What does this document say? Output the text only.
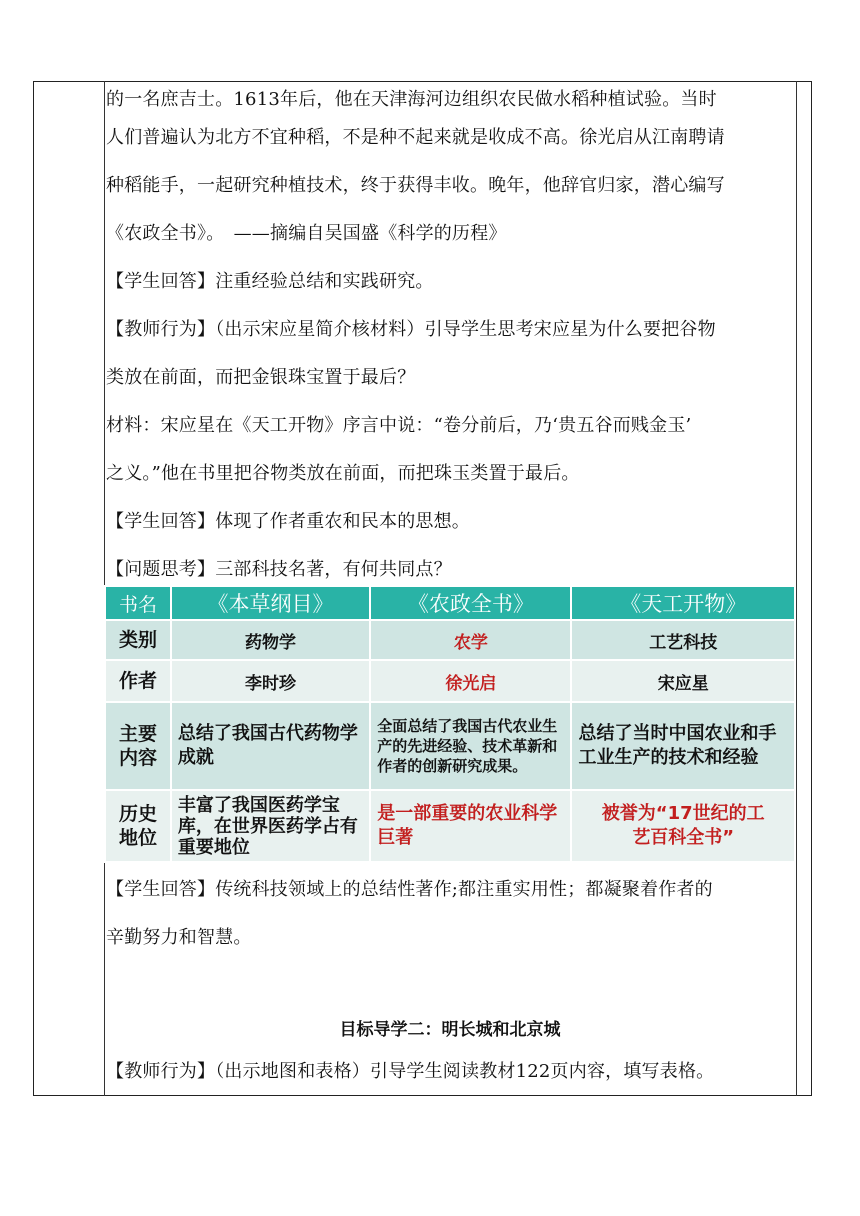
的一名庶吉士。1613年后，他在天津海河边组织农民做水稻种植试验。当时

人们普遍认为北方不宜种稻，不是种不起来就是收成不高。徐光启从江南聘请

种稻能手，一起研究种植技术，终于获得丰收。晚年，他辞官归家，潜心编写

《农政全书》。　——摘编自吴国盛《科学的历程》

【学生回答】注重经验总结和实践研究。

【教师行为】（出示宋应星简介核材料）引导学生思考宋应星为什么要把谷物

类放在前面，而把金银珠宝置于最后？

材料：宋应星在《天工开物》序言中说：“卷分前后，乃‘贵五谷而贱金玉’

之义。”他在书里把谷物类放在前面，而把珠玉类置于最后。

【学生回答】体现了作者重农和民本的思想。

【问题思考】三部科技名著，有何共同点？

书名	《本草纲目》	《农政全书》	《天工开物》
类别	药物学	农学	工艺科技
作者	李时珍	徐光启	宋应星

主要内容	总结了我国古代药物学成就	全面总结了我国古代农业生产的先进经验、技术革新和作者的创新研究成果。	总结了当时中国农业和手工业生产的技术和经验

历史地位	丰富了我国医药学宝库，在世界医药学占有重要地位	是一部重要的农业科学巨著	被誉为“17世纪的工艺百科全书”

【学生回答】传统科技领域上的总结性著作;都注重实用性；都凝聚着作者的

辛勤努力和智慧。

目标导学二：明长城和北京城

【教师行为】（出示地图和表格）引导学生阅读教材122页内容，填写表格。
